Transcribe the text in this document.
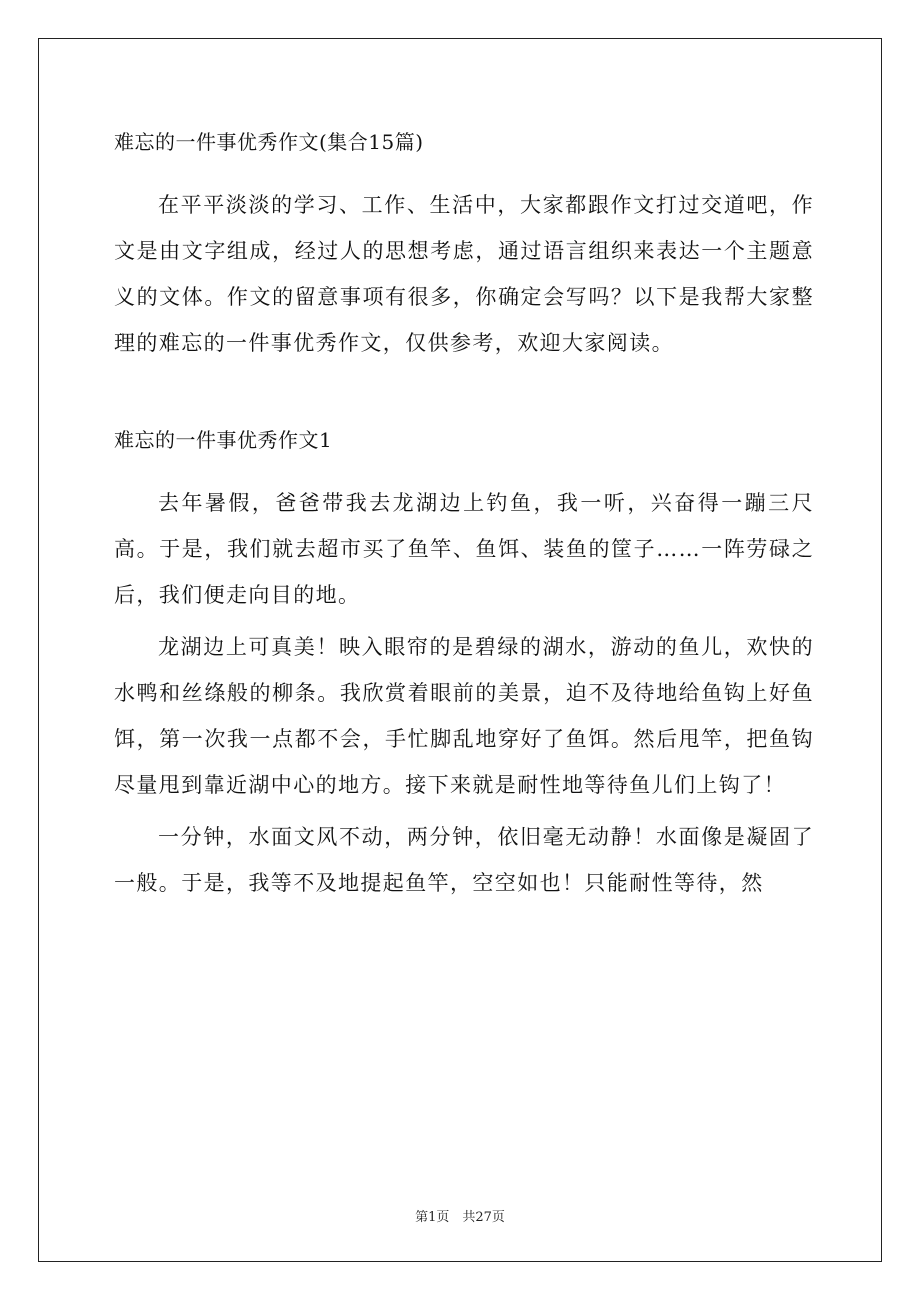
难忘的一件事优秀作文(集合15篇)

在平平淡淡的学习、工作、生活中，大家都跟作文打过交道吧，作文是由文字组成，经过人的思想考虑，通过语言组织来表达一个主题意义的文体。作文的留意事项有很多，你确定会写吗？以下是我帮大家整理的难忘的一件事优秀作文，仅供参考，欢迎大家阅读。

难忘的一件事优秀作文1

去年暑假，爸爸带我去龙湖边上钓鱼，我一听，兴奋得一蹦三尺高。于是，我们就去超市买了鱼竿、鱼饵、装鱼的筐子……一阵劳碌之后，我们便走向目的地。

龙湖边上可真美！映入眼帘的是碧绿的湖水，游动的鱼儿，欢快的水鸭和丝绦般的柳条。我欣赏着眼前的美景，迫不及待地给鱼钩上好鱼饵，第一次我一点都不会，手忙脚乱地穿好了鱼饵。然后甩竿，把鱼钩尽量甩到靠近湖中心的地方。接下来就是耐性地等待鱼儿们上钩了！

一分钟，水面文风不动，两分钟，依旧毫无动静！水面像是凝固了一般。于是，我等不及地提起鱼竿，空空如也！只能耐性等待，然

第1页　共27页
